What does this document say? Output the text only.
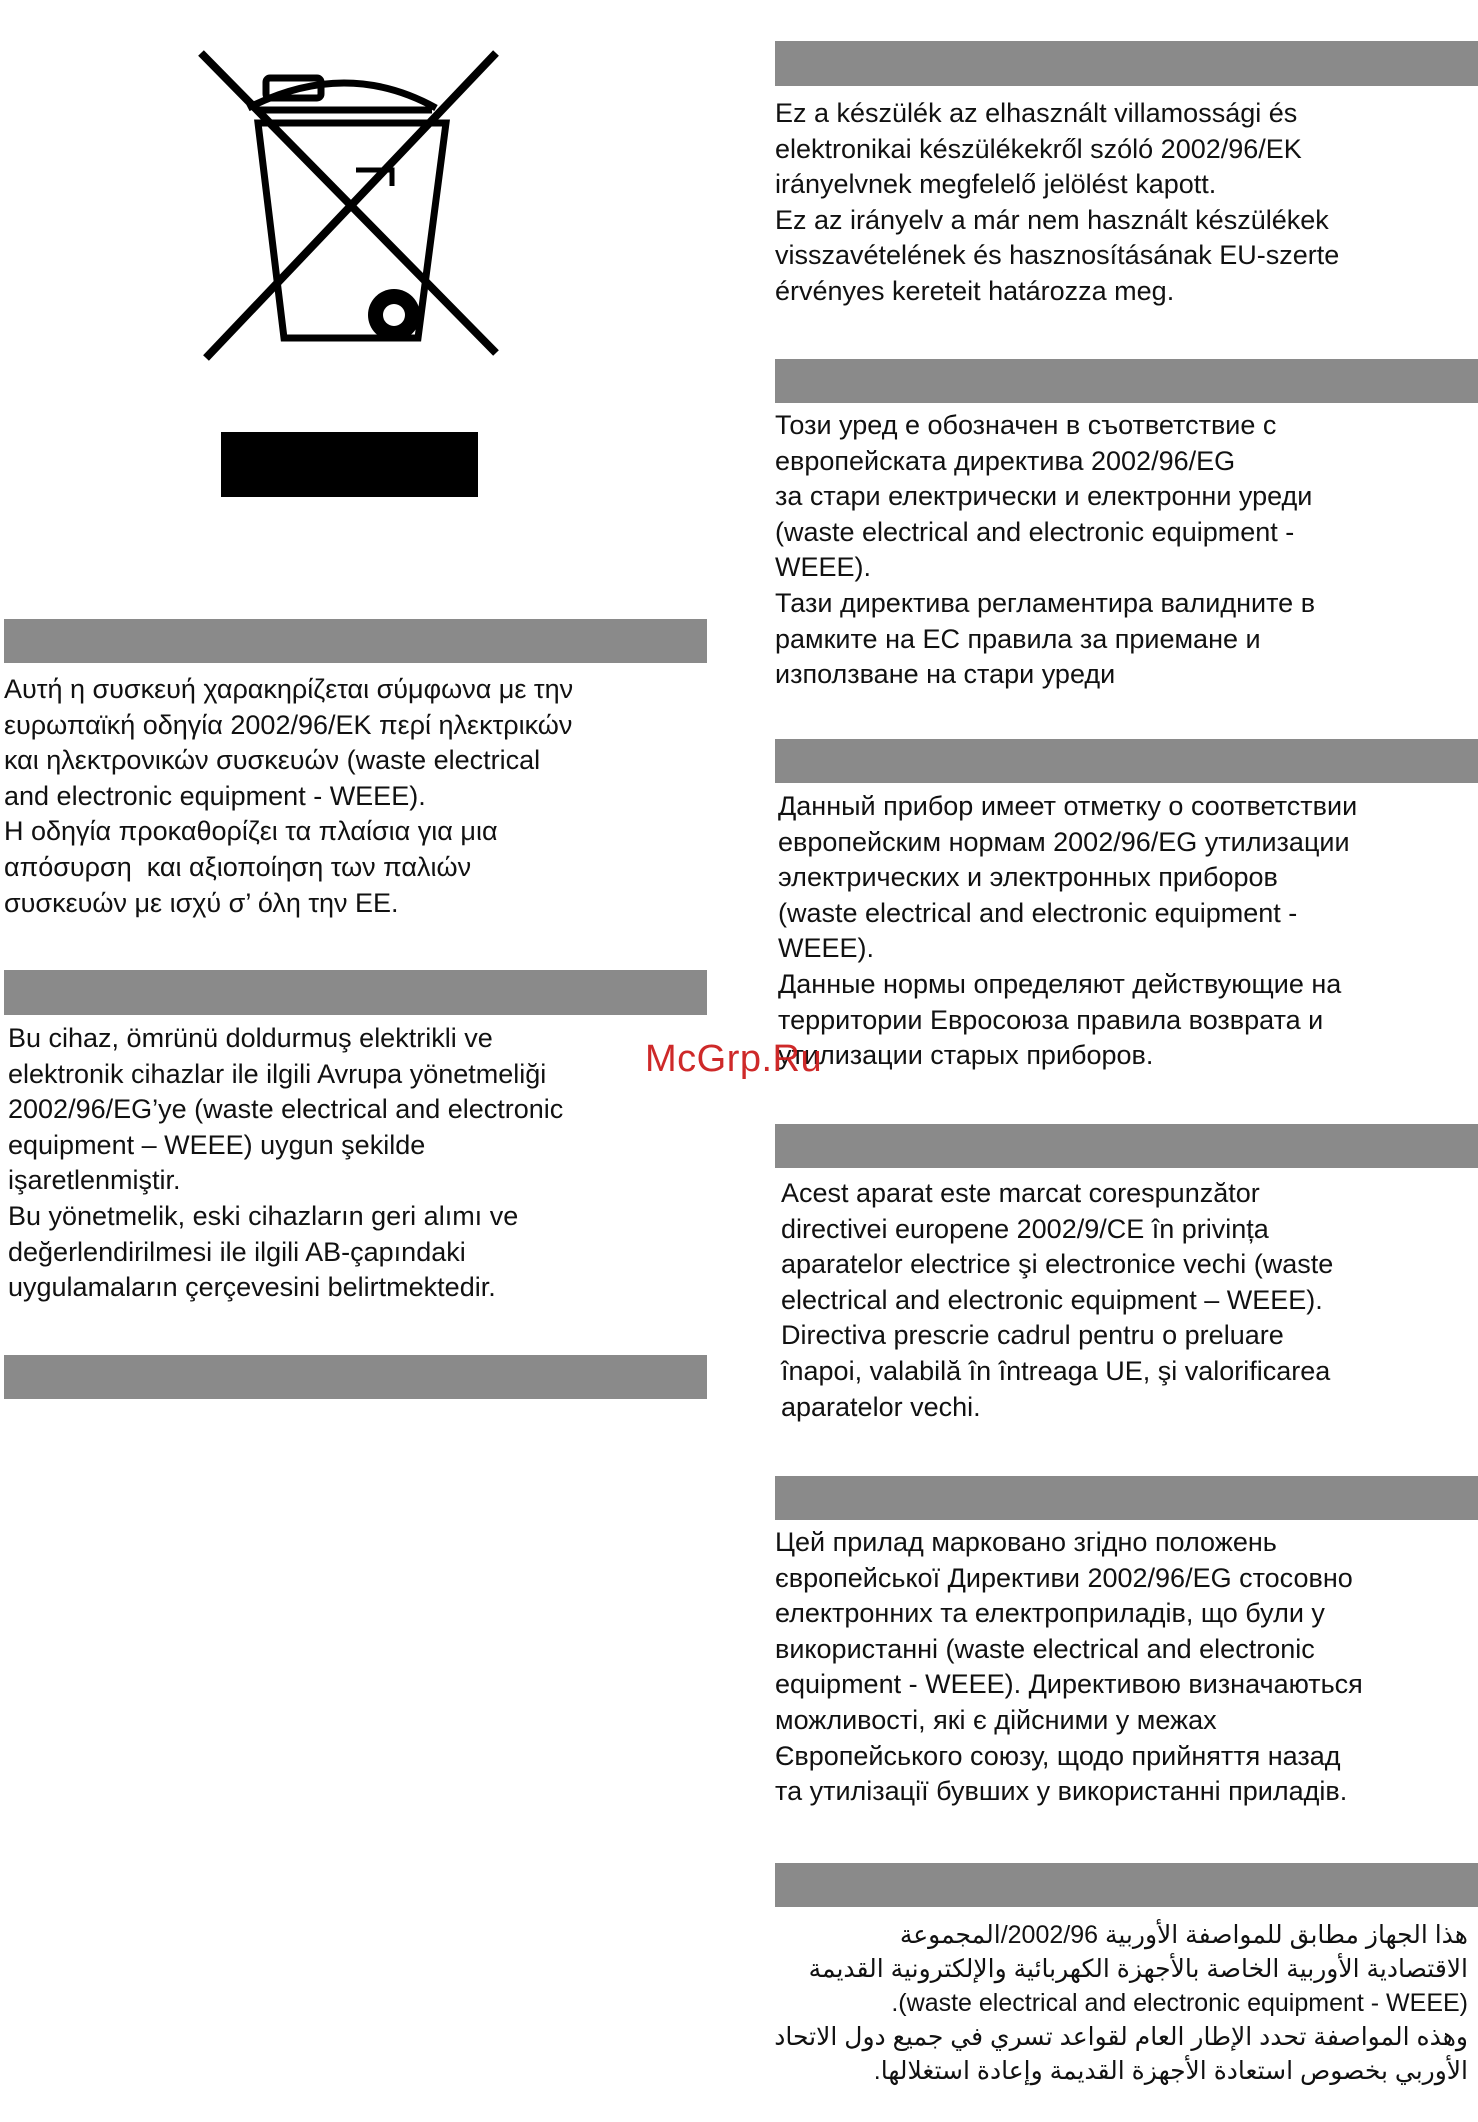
Ez a készülék az elhasznált villamossági és
elektronikai készülékekről szóló 2002/96/EK
irányelvnek megfelelő jelölést kapott.
Ez az irányelv a már nem használt készülékek
visszavételének és hasznosításának EU-szerte
érvényes kereteit határozza meg.

Този уред е обозначен в съответствие с
европейската директива 2002/96/EG
за стари електрически и електронни уреди
(waste electrical and electronic equipment -
WEEE).
Тази директива регламентира валидните в
рамките на ЕС правила за приемане и
използване на стари уреди

Данный прибор имеет отметку о соответствии
европейским нормам 2002/96/EG утилизации
электрических и электронных приборов
(waste electrical and electronic equipment -
WEEE).
Данные нормы определяют действующие на
территории Евросоюза правила возврата и
утилизации старых приборов.

Acest aparat este marcat corespunzător
directivei europene 2002/9/CE în privința
aparatelor electrice şi electronice vechi (waste
electrical and electronic equipment – WEEE).
Directiva prescrie cadrul pentru o preluare
înapoi, valabilă în întreaga UE, şi valorificarea
aparatelor vechi.

Цей прилад марковано згідно положень
європейської Директиви 2002/96/EG стосовно
електронних та електроприладів, що були у
використанні (waste electrical and electronic
equipment - WEEE). Директивою визначаються
можливості, які є дійсними у межах
Європейського союзу, щодо прийняття назад
та утилізації бувших у використанні приладів.

هذا الجهاز مطابق للمواصفة الأوربية 2002/96/المجموعة
الاقتصادية الأوربية الخاصة بالأجهزة الكهربائية والإلكترونية القديمة
(waste electrical and electronic equipment - WEEE).
وهذه المواصفة تحدد الإطار العام لقواعد تسري في جميع دول الاتحاد
الأوربي بخصوص استعادة الأجهزة القديمة وإعادة استغلالها.

Αυτή η συσκευή χαρακηρίζεται σύμφωνα με την
ευρωπαϊκή οδηγία 2002/96/ΕΚ περί ηλεκτρικών
και ηλεκτρονικών συσκευών (waste electrical
and electronic equipment - WEEE).
Η οδηγία προκαθορίζει τα πλαίσια για μια
απόσυρση  και αξιοποίηση των παλιών
συσκευών με ισχύ σ’ όλη την ΕΕ.

Bu cihaz, ömrünü doldurmuş elektrikli ve
elektronik cihazlar ile ilgili Avrupa yönetmeliği
2002/96/EG’ye (waste electrical and electronic
equipment – WEEE) uygun şekilde
işaretlenmiştir.
Bu yönetmelik, eski cihazların geri alımı ve
değerlendirilmesi ile ilgili AB-çapındaki
uygulamaların çerçevesini belirtmektedir.

McGrp.Ru
